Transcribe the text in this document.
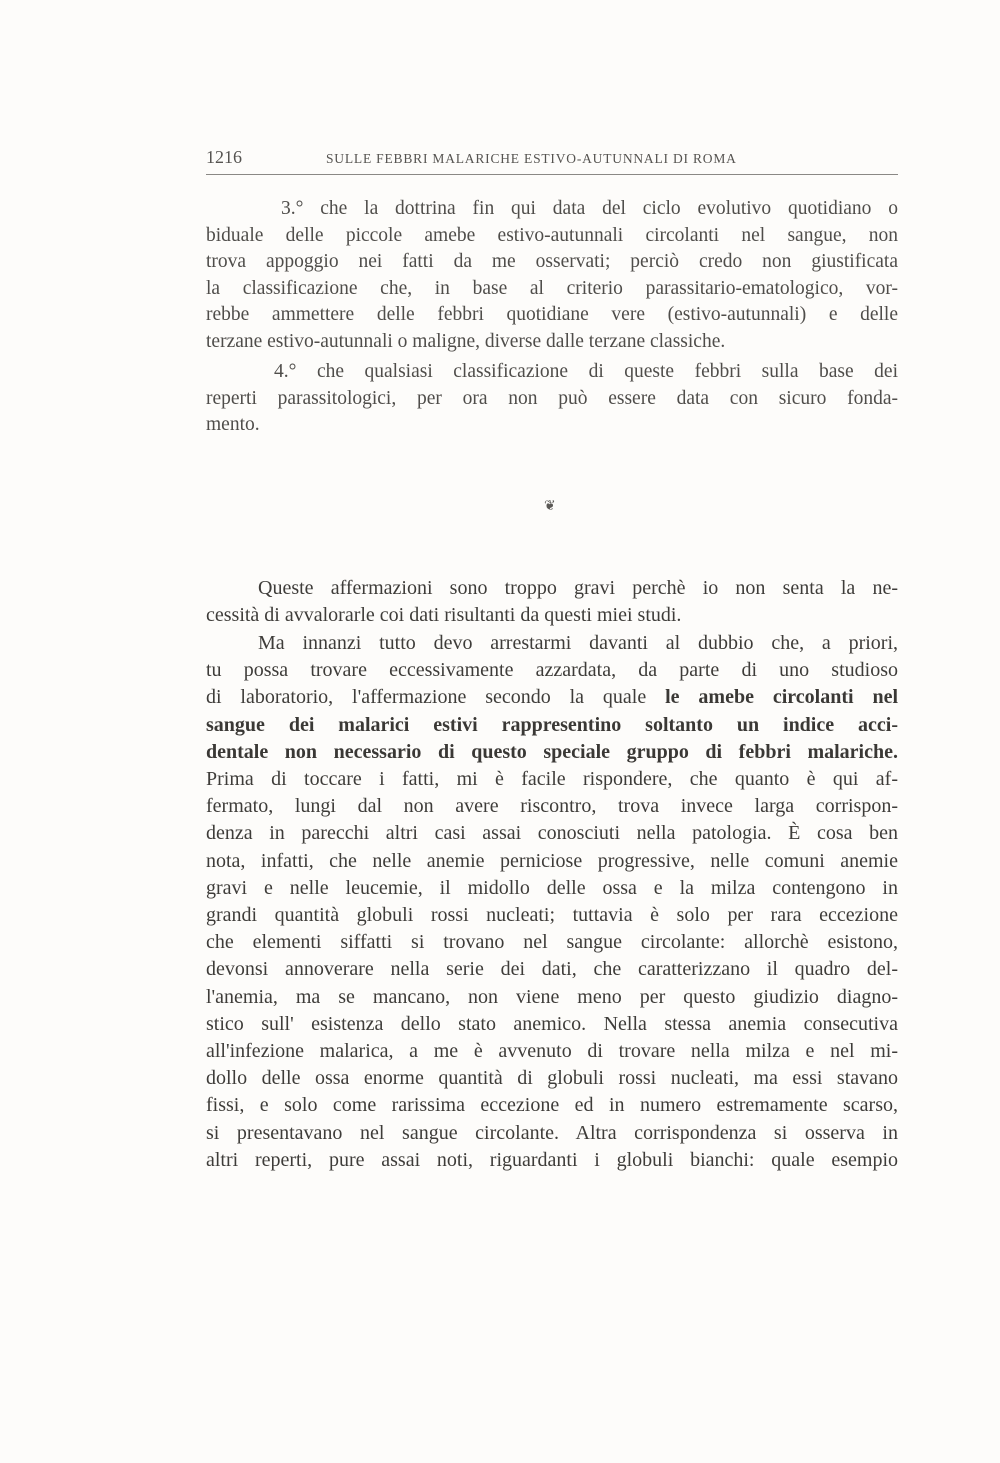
1216	SULLE FEBBRI MALARICHE ESTIVO-AUTUNNALI DI ROMA
3.° che la dottrina fin qui data del ciclo evolutivo quotidiano o
biduale delle piccole amebe estivo-autunnali circolanti nel sangue, non
trova appoggio nei fatti da me osservati; perciò credo non giustificata
la classificazione che, in base al criterio parassitario-ematologico, vor-
rebbe ammettere delle febbri quotidiane vere (estivo-autunnali) e delle
terzane estivo-autunnali o maligne, diverse dalle terzane classiche.
4.° che qualsiasi classificazione di queste febbri sulla base dei
reperti parassitologici, per ora non può essere data con sicuro fonda-
mento.
❦
Queste affermazioni sono troppo gravi perchè io non senta la ne-
cessità di avvalorarle coi dati risultanti da questi miei studi.
Ma innanzi tutto devo arrestarmi davanti al dubbio che, a priori,
tu possa trovare eccessivamente azzardata, da parte di uno studioso
di laboratorio, l'affermazione secondo la quale le amebe circolanti nel
sangue dei malarici estivi rappresentino soltanto un indice acci-
dentale non necessario di questo speciale gruppo di febbri malariche.
Prima di toccare i fatti, mi è facile rispondere, che quanto è qui af-
fermato, lungi dal non avere riscontro, trova invece larga corrispon-
denza in parecchi altri casi assai conosciuti nella patologia. È cosa ben
nota, infatti, che nelle anemie perniciose progressive, nelle comuni anemie
gravi e nelle leucemie, il midollo delle ossa e la milza contengono in
grandi quantità globuli rossi nucleati; tuttavia è solo per rara eccezione
che elementi siffatti si trovano nel sangue circolante: allorchè esistono,
devonsi annoverare nella serie dei dati, che caratterizzano il quadro del-
l'anemia, ma se mancano, non viene meno per questo giudizio diagno-
stico sull' esistenza dello stato anemico. Nella stessa anemia consecutiva
all'infezione malarica, a me è avvenuto di trovare nella milza e nel mi-
dollo delle ossa enorme quantità di globuli rossi nucleati, ma essi stavano
fissi, e solo come rarissima eccezione ed in numero estremamente scarso,
si presentavano nel sangue circolante. Altra corrispondenza si osserva in
altri reperti, pure assai noti, riguardanti i globuli bianchi: quale esempio
